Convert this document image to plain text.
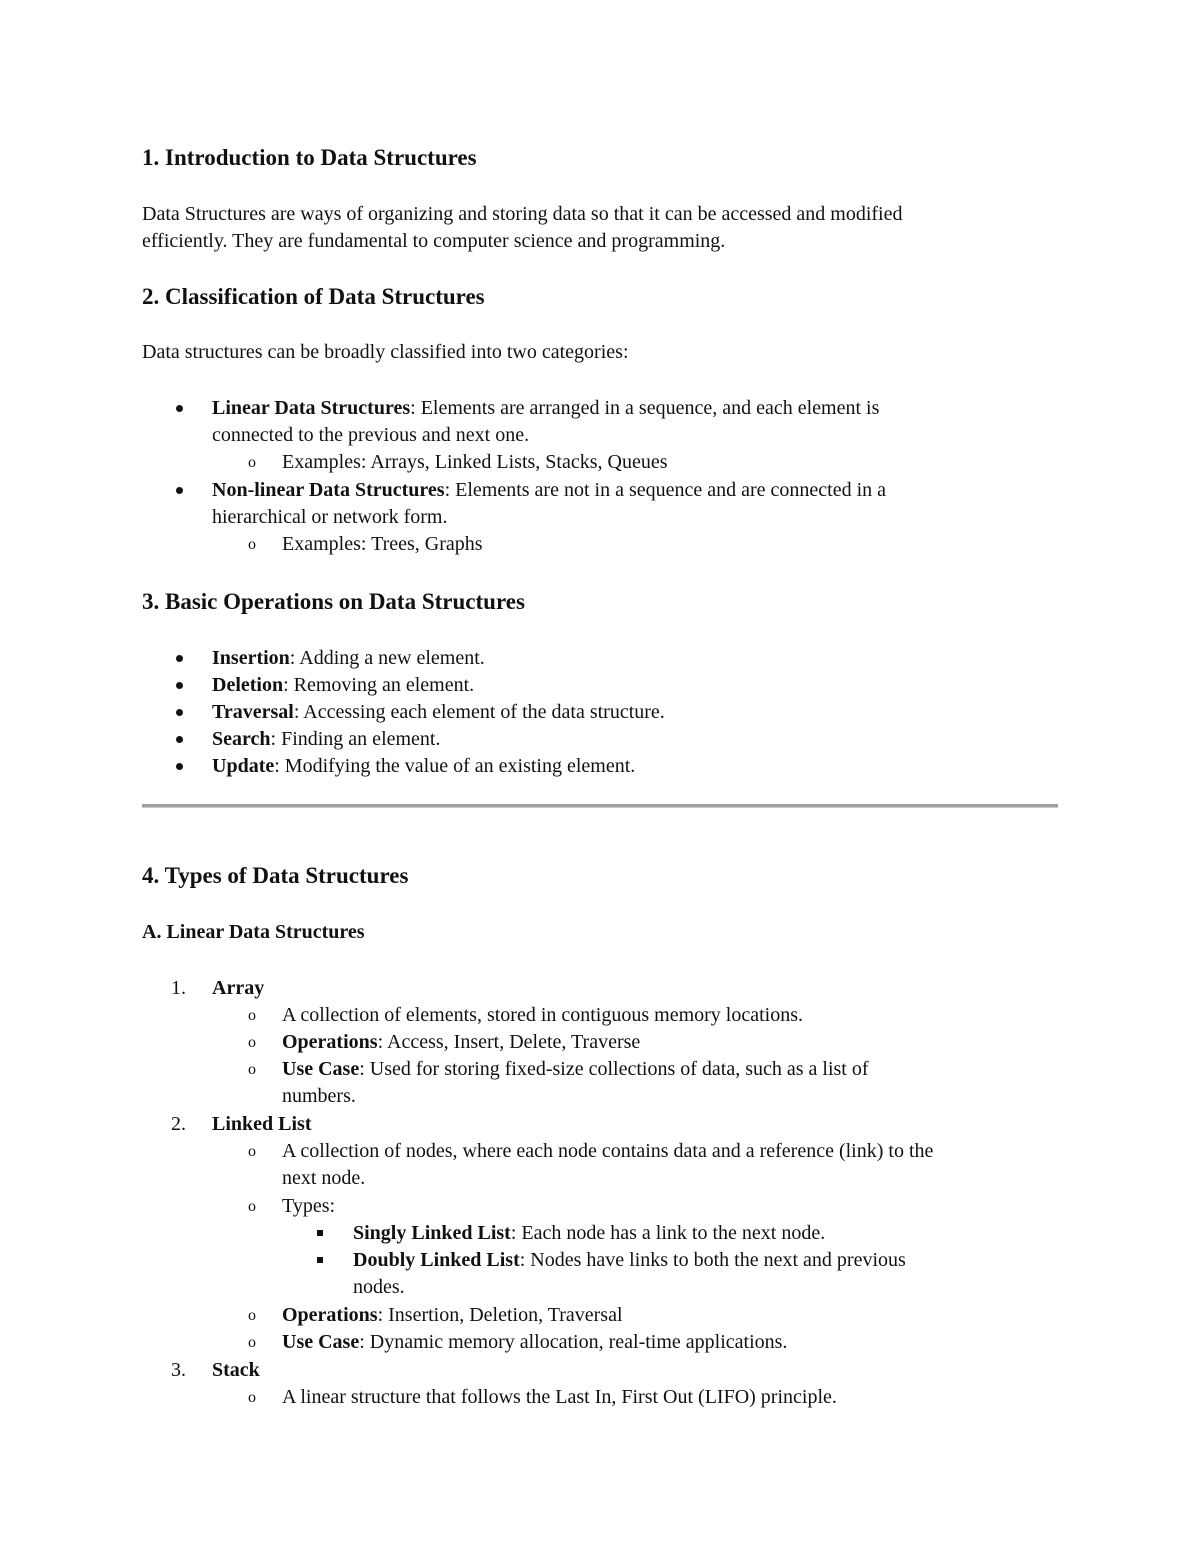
1. Introduction to Data Structures
Data Structures are ways of organizing and storing data so that it can be accessed and modified
efficiently. They are fundamental to computer science and programming.
2. Classification of Data Structures
Data structures can be broadly classified into two categories:
Linear Data Structures: Elements are arranged in a sequence, and each element is
connected to the previous and next one.
o Examples: Arrays, Linked Lists, Stacks, Queues
Non-linear Data Structures: Elements are not in a sequence and are connected in a
hierarchical or network form.
o Examples: Trees, Graphs
3. Basic Operations on Data Structures
Insertion: Adding a new element.
Deletion: Removing an element.
Traversal: Accessing each element of the data structure.
Search: Finding an element.
Update: Modifying the value of an existing element.
4. Types of Data Structures
A. Linear Data Structures
1. Array
o A collection of elements, stored in contiguous memory locations.
o Operations: Access, Insert, Delete, Traverse
o Use Case: Used for storing fixed-size collections of data, such as a list of
numbers.
2. Linked List
o A collection of nodes, where each node contains data and a reference (link) to the
next node.
o Types:
Singly Linked List: Each node has a link to the next node.
Doubly Linked List: Nodes have links to both the next and previous
nodes.
o Operations: Insertion, Deletion, Traversal
o Use Case: Dynamic memory allocation, real-time applications.
3. Stack
o A linear structure that follows the Last In, First Out (LIFO) principle.
